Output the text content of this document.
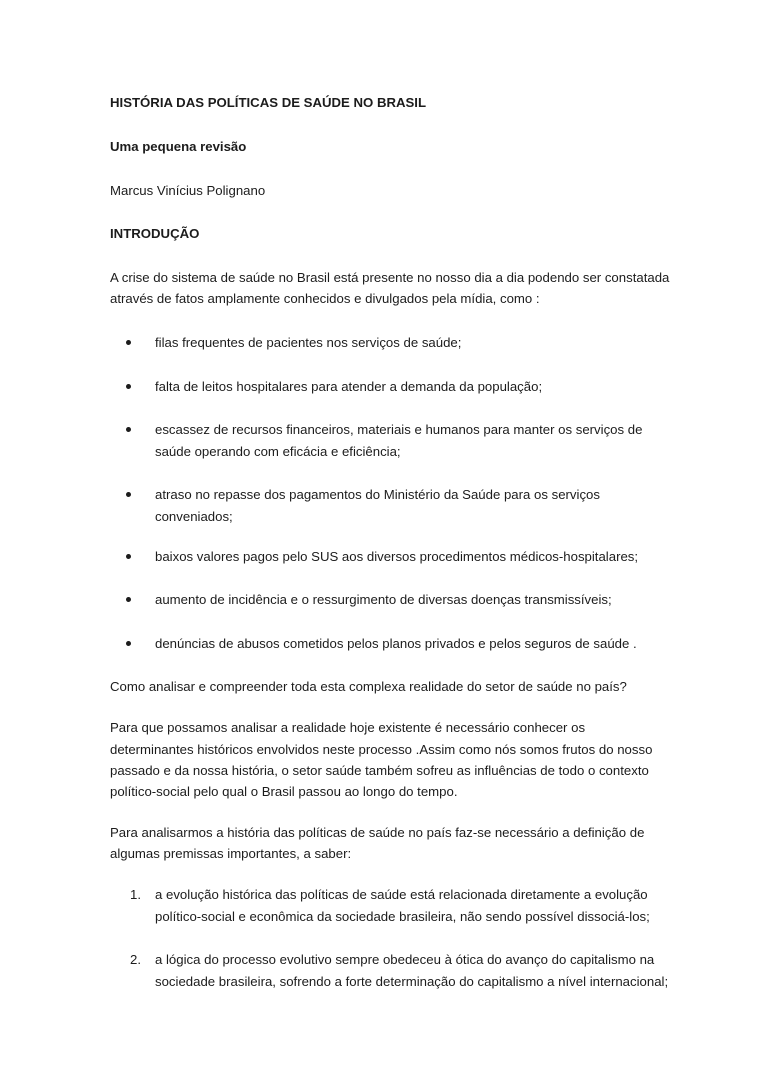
HISTÓRIA DAS POLÍTICAS DE SAÚDE NO BRASIL

Uma pequena revisão

Marcus Vinícius Polignano

INTRODUÇÃO

A crise do sistema de saúde no Brasil está presente no nosso dia a dia podendo ser constatada

através de fatos amplamente conhecidos e divulgados pela mídia, como :

filas frequentes de pacientes nos serviços de saúde;
falta de leitos hospitalares para atender a demanda da população;
escassez de recursos financeiros, materiais e humanos para manter os serviços de
saúde operando com eficácia e eficiência;
atraso no repasse dos pagamentos do Ministério da Saúde para os serviços
conveniados;
baixos valores pagos pelo SUS aos diversos procedimentos médicos-hospitalares;
aumento de incidência e o ressurgimento de diversas doenças transmissíveis;
denúncias de abusos cometidos pelos planos privados e pelos seguros de saúde .

Como analisar e compreender toda esta complexa realidade do setor de saúde no país?

Para que possamos analisar a realidade hoje existente é necessário conhecer os

determinantes históricos envolvidos neste processo .Assim como nós somos frutos do nosso

passado e da nossa história, o setor saúde também sofreu as influências de todo o contexto

político-social pelo qual o Brasil passou ao longo do tempo.

Para analisarmos a história das políticas de saúde no país faz-se necessário a definição de

algumas premissas importantes, a saber:

1. a evolução histórica das políticas de saúde está relacionada diretamente a evolução
político-social e econômica da sociedade brasileira, não sendo possível dissociá-los;
2. a lógica do processo evolutivo sempre obedeceu à ótica do avanço do capitalismo na
sociedade brasileira, sofrendo a forte determinação do capitalismo a nível internacional;
